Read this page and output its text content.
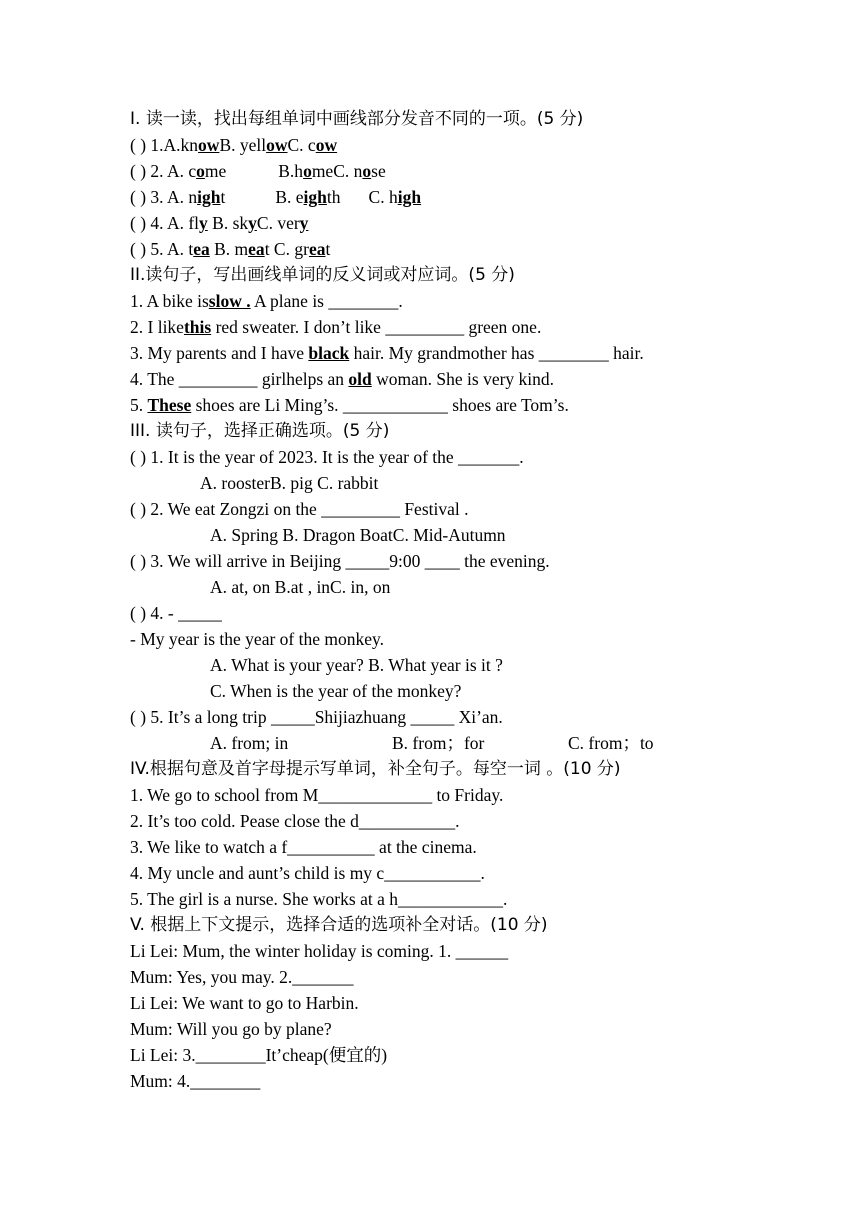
I. 读一读，找出每组单词中画线部分发音不同的一项。(5 分)
( ) 1.A.knowB. yellowC. cow
( ) 2. A. come	B.homeC. nose
( ) 3. A. night	B. eighth C. high
( ) 4. A. fly B. skyC. very
( ) 5. A. tea B. meat C. great
II.读句子，写出画线单词的反义词或对应词。(5 分)
1. A bike isslow . A plane is ________.
2. I likethis red sweater. I don’t like _________ green one.
3. My parents and I have black hair. My grandmother has ________ hair.
4. The _________ girlhelps an old woman. She is very kind.
5. These shoes are Li Ming’s. ____________ shoes are Tom’s.
III. 读句子，选择正确选项。(5 分)
( ) 1. It is the year of 2023. It is the year of the _______.
A. roosterB. pig C. rabbit
( ) 2. We eat Zongzi on the _________ Festival .
A. Spring B. Dragon BoatC. Mid-Autumn
( ) 3. We will arrive in Beijing _____9:00 ____ the evening.
A. at, on B.at , inC. in, on
( ) 4. - _____
- My year is the year of the monkey.
A. What is your year? B. What year is it ?
C. When is the year of the monkey?
( ) 5. It’s a long trip _____Shijiazhuang _____ Xi’an.
A. from; in	B. from；for	C. from；to
IV.根据句意及首字母提示写单词，补全句子。每空一词 。(10 分)
1. We go to school from M_____________ to Friday.
2. It’s too cold. Pease close the d___________.
3. We like to watch a f__________ at the cinema.
4. My uncle and aunt’s child is my c___________.
5. The girl is a nurse. She works at a h____________.
V. 根据上下文提示，选择合适的选项补全对话。(10 分)
Li Lei: Mum, the winter holiday is coming. 1. ______
Mum: Yes, you may. 2._______
Li Lei: We want to go to Harbin.
Mum: Will you go by plane?
Li Lei: 3.________It’cheap(便宜的)
Mum: 4.________
